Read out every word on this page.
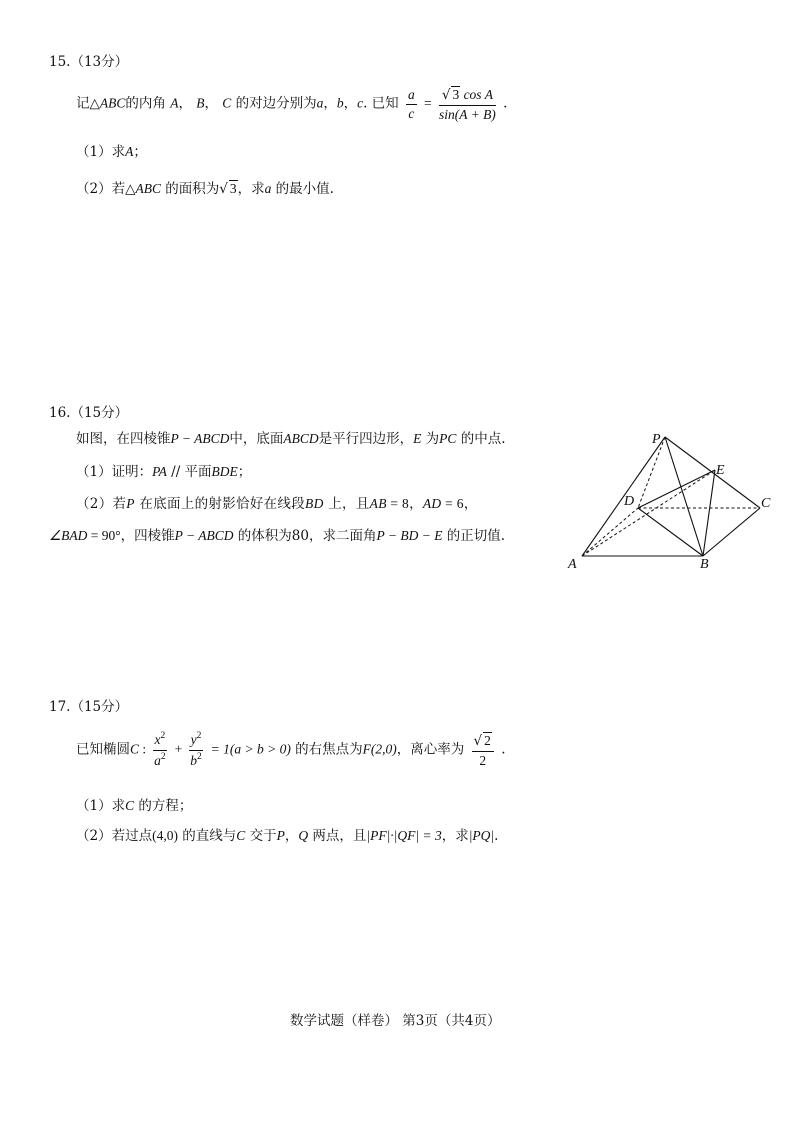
15.（13分）
记△ABC的内角 A， B， C 的对边分别为a，b，c. 已知 $\frac{a}{c} = \frac{\text{√ 3 cos A}}{\sin(A + B)}$ .
（1）求A；
（2）若△ABC 的面积为√ 3，求a 的最小值.
16.（15分）
如图，在四棱锥P − ABCD中，底面ABCD是平行四边形，E 为PC 的中点.
（1）证明：PA // 平面BDE；
（2）若P 在底面上的射影恰好在线段BD 上，且AB = 8，AD = 6，
∠BAD = 90°，四棱锥P − ABCD 的体积为80，求二面角P − BD − E 的正切值.
P
E
D	C
A	B
17.（15分）
已知椭圆C : $\frac{x^2}{a^2} + \frac{y^2}{b^2} = 1(a > b > 0)$ 的右焦点为F(2,0)，离心率为 $\frac{√ 2}{2}$ .
（1）求C 的方程；
（2）若过点(4,0) 的直线与C 交于P，Q 两点，且|PF|·|QF| = 3，求|PQ|.
数学试题（样卷） 第3页（共4页）
